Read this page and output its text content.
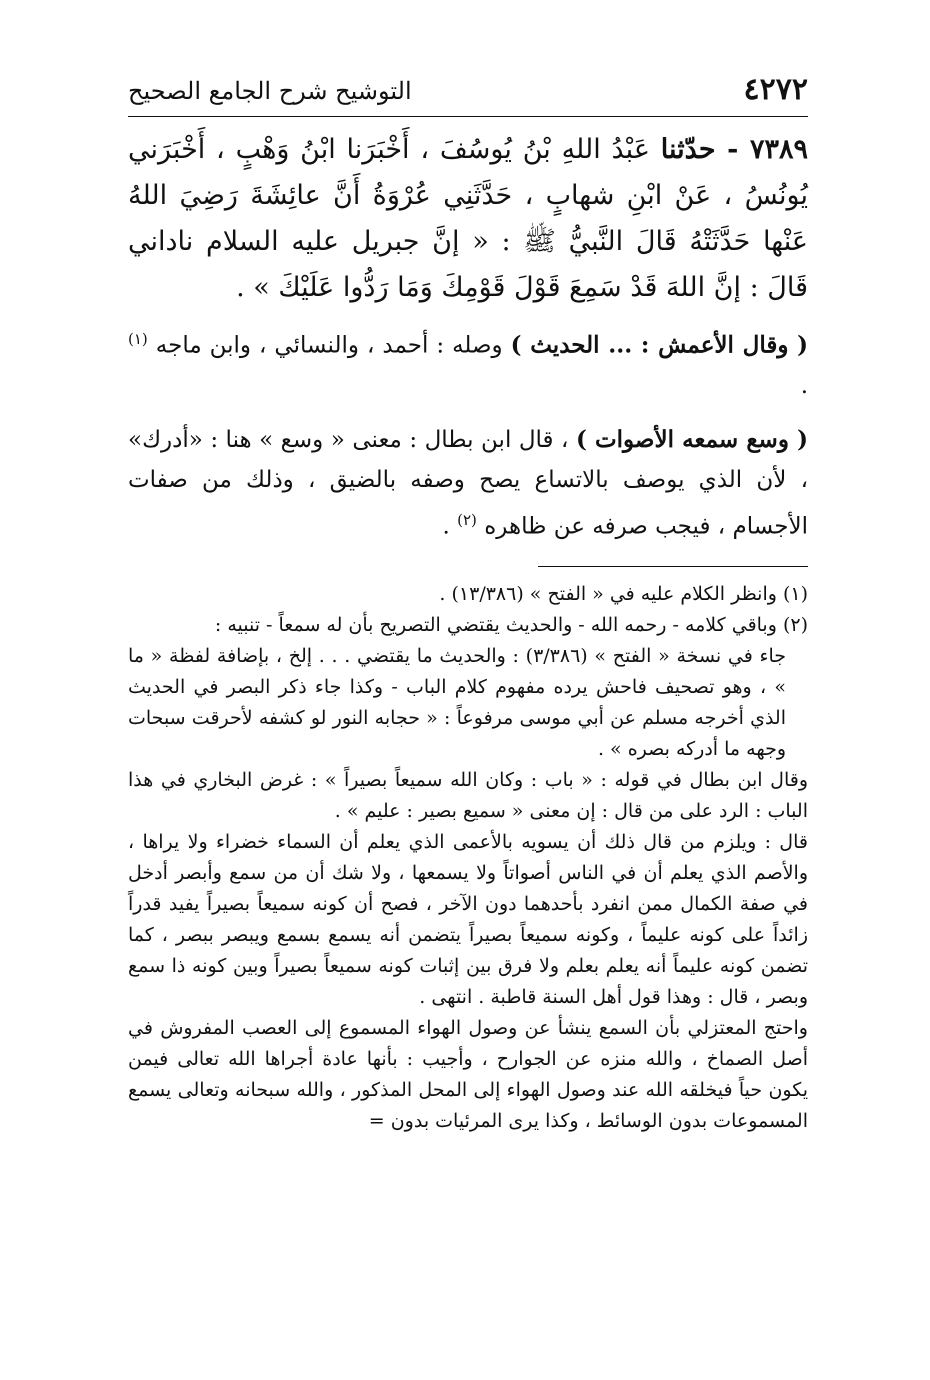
٤٢٧٢
التوشيح شرح الجامع الصحيح
٧٣٨٩ - حدّثنا عَبْدُ اللهِ بْنُ يُوسُفَ ، أَخْبَرَنا ابْنُ وَهْبٍ ، أَخْبَرَني يُونُسُ ، عَنْ ابْنِ شهابٍ ، حَدَّثَنِي عُرْوَةُ أَنَّ عائِشَةَ رَضِيَ اللهُ عَنْها حَدَّثَتْهُ قَالَ النَّبيُّ ﷺ : « إنَّ جبريل عليه السلام ناداني قَالَ : إنَّ اللهَ قَدْ سَمِعَ قَوْلَ قَوْمِكَ وَمَا رَدُّوا عَلَيْكَ » .

( وقال الأعمش : ... الحديث ) وصله : أحمد ، والنسائي ، وابن ماجه $^{(١)}$ .

( وسع سمعه الأصوات ) ، قال ابن بطال : معنى « وسع » هنا : «أدرك» ، لأن الذي يوصف بالاتساع يصح وصفه بالضيق ، وذلك من صفات الأجسام ، فيجب صرفه عن ظاهره $^{(٢)}$ .

(١) وانظر الكلام عليه في « الفتح » (١٣/٣٨٦) .

(٢) وباقي كلامه - رحمه الله - والحديث يقتضي التصريح بأن له سمعاً - تنبيه :

جاء في نسخة « الفتح » (٣/٣٨٦) : والحديث ما يقتضي . . . إلخ ، بإضافة لفظة « ما » ، وهو تصحيف فاحش يرده مفهوم كلام الباب - وكذا جاء ذكر البصر في الحديث الذي أخرجه مسلم عن أبي موسى مرفوعاً : « حجابه النور لو كشفه لأحرقت سبحات وجهه ما أدركه بصره » .

وقال ابن بطال في قوله : « باب : وكان الله سميعاً بصيراً » : غرض البخاري في هذا الباب : الرد على من قال : إن معنى « سميع بصير : عليم » .

قال : ويلزم من قال ذلك أن يسويه بالأعمى الذي يعلم أن السماء خضراء ولا يراها ، والأصم الذي يعلم أن في الناس أصواتاً ولا يسمعها ، ولا شك أن من سمع وأبصر أدخل في صفة الكمال ممن انفرد بأحدهما دون الآخر ، فصح أن كونه سميعاً بصيراً يفيد قدراً زائداً على كونه عليماً ، وكونه سميعاً بصيراً يتضمن أنه يسمع بسمع ويبصر ببصر ، كما تضمن كونه عليماً أنه يعلم بعلم ولا فرق بين إثبات كونه سميعاً بصيراً وبين كونه ذا سمع وبصر ، قال : وهذا قول أهل السنة قاطبة . انتهى .

واحتج المعتزلي بأن السمع ينشأ عن وصول الهواء المسموع إلى العصب المفروش في أصل الصماخ ، والله منزه عن الجوارح ، وأجيب : بأنها عادة أجراها الله تعالى فيمن يكون حياً فيخلقه الله عند وصول الهواء إلى المحل المذكور ، والله سبحانه وتعالى يسمع المسموعات بدون الوسائط ، وكذا يرى المرئيات بدون =
